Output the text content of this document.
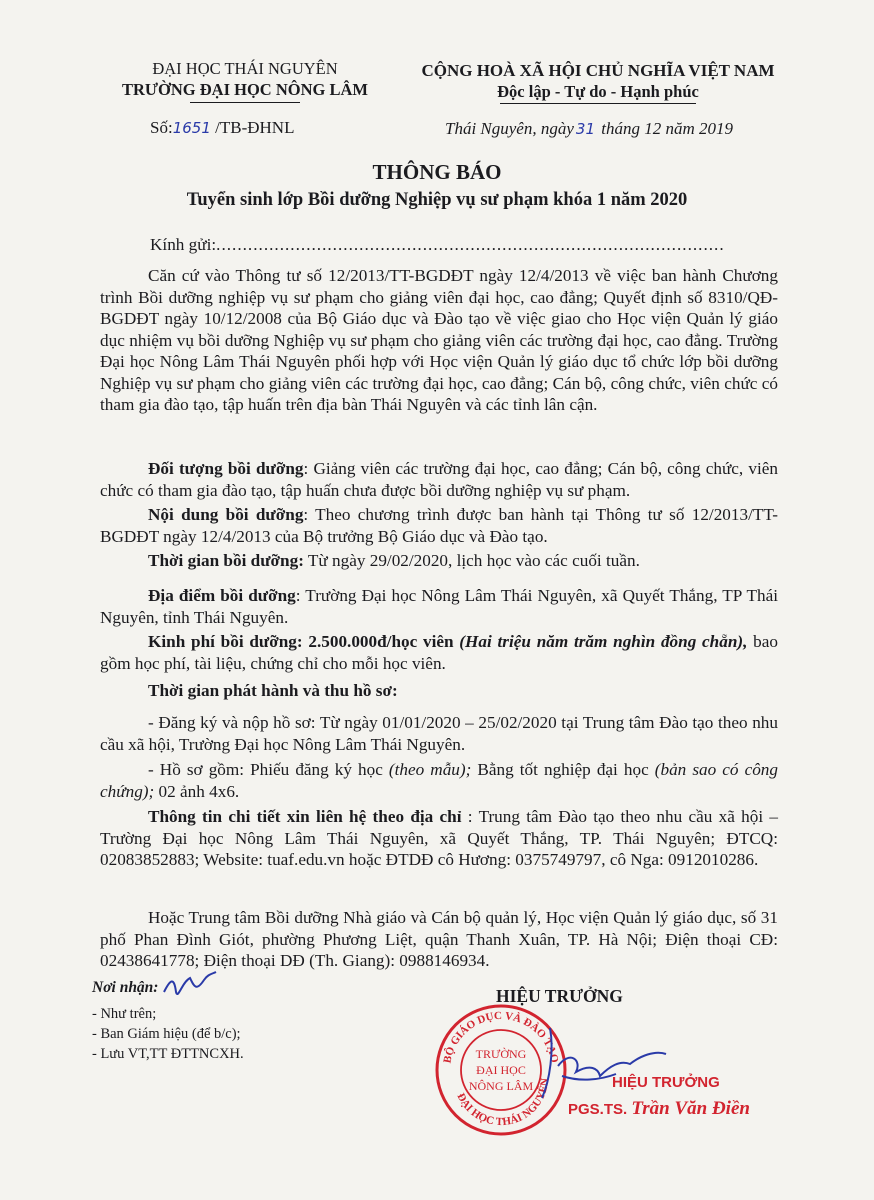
ĐẠI HỌC THÁI NGUYÊN
TRƯỜNG ĐẠI HỌC NÔNG LÂM
Số:1651 /TB-ĐHNL
CỘNG HOÀ XÃ HỘI CHỦ NGHĨA VIỆT NAM
Độc lập - Tự do - Hạnh phúc
Thái Nguyên, ngày 31 tháng 12 năm 2019
THÔNG BÁO
Tuyển sinh lớp Bồi dưỡng Nghiệp vụ sư phạm khóa 1 năm 2020
Kính gửi:................................................................................................
Căn cứ vào Thông tư số 12/2013/TT-BGDĐT ngày 12/4/2013 về việc ban hành Chương trình Bồi dưỡng nghiệp vụ sư phạm cho giảng viên đại học, cao đẳng; Quyết định số 8310/QĐ-BGDĐT ngày 10/12/2008 của Bộ Giáo dục và Đào tạo về việc giao cho Học viện Quản lý giáo dục nhiệm vụ bồi dưỡng Nghiệp vụ sư phạm cho giảng viên các trường đại học, cao đẳng. Trường Đại học Nông Lâm Thái Nguyên phối hợp với Học viện Quản lý giáo dục tổ chức lớp bồi dưỡng Nghiệp vụ sư phạm cho giảng viên các trường đại học, cao đẳng; Cán bộ, công chức, viên chức có tham gia đào tạo, tập huấn trên địa bàn Thái Nguyên và các tỉnh lân cận.
Đối tượng bồi dưỡng: Giảng viên các trường đại học, cao đẳng; Cán bộ, công chức, viên chức có tham gia đào tạo, tập huấn chưa được bồi dưỡng nghiệp vụ sư phạm.
Nội dung bồi dưỡng: Theo chương trình được ban hành tại Thông tư số 12/2013/TT-BGDĐT ngày 12/4/2013 của Bộ trưởng Bộ Giáo dục và Đào tạo.
Thời gian bồi dưỡng: Từ ngày 29/02/2020, lịch học vào các cuối tuần.
Địa điểm bồi dưỡng: Trường Đại học Nông Lâm Thái Nguyên, xã Quyết Thắng, TP Thái Nguyên, tỉnh Thái Nguyên.
Kinh phí bồi dưỡng: 2.500.000đ/học viên (Hai triệu năm trăm nghìn đồng chẵn), bao gồm học phí, tài liệu, chứng chỉ cho mỗi học viên.
Thời gian phát hành và thu hồ sơ:
- Đăng ký và nộp hồ sơ: Từ ngày 01/01/2020 – 25/02/2020 tại Trung tâm Đào tạo theo nhu cầu xã hội, Trường Đại học Nông Lâm Thái Nguyên.
- Hồ sơ gồm: Phiếu đăng ký học (theo mẫu); Bằng tốt nghiệp đại học (bản sao có công chứng); 02 ảnh 4x6.
Thông tin chi tiết xin liên hệ theo địa chỉ : Trung tâm Đào tạo theo nhu cầu xã hội – Trường Đại học Nông Lâm Thái Nguyên, xã Quyết Thắng, TP. Thái Nguyên; ĐTCQ: 02083852883; Website: tuaf.edu.vn hoặc ĐTDĐ cô Hương: 0375749797, cô Nga: 0912010286.
Hoặc Trung tâm Bồi dưỡng Nhà giáo và Cán bộ quản lý, Học viện Quản lý giáo dục, số 31 phố Phan Đình Giót, phường Phương Liệt, quận Thanh Xuân, TP. Hà Nội; Điện thoại CĐ: 02438641778; Điện thoại DĐ (Th. Giang): 0988146934.
Nơi nhận:
- Như trên;
- Ban Giám hiệu (để b/c);
- Lưu VT,TT ĐTTNCXH.
HIỆU TRƯỞNG
BỘ GIÁO DỤC VÀ ĐÀO TẠO
ĐẠI HỌC THÁI NGUYÊN
TRƯỜNG
ĐẠI HỌC
NÔNG LÂM	HIỆU TRƯỞNG
PGS.TS. Trần Văn Điền
